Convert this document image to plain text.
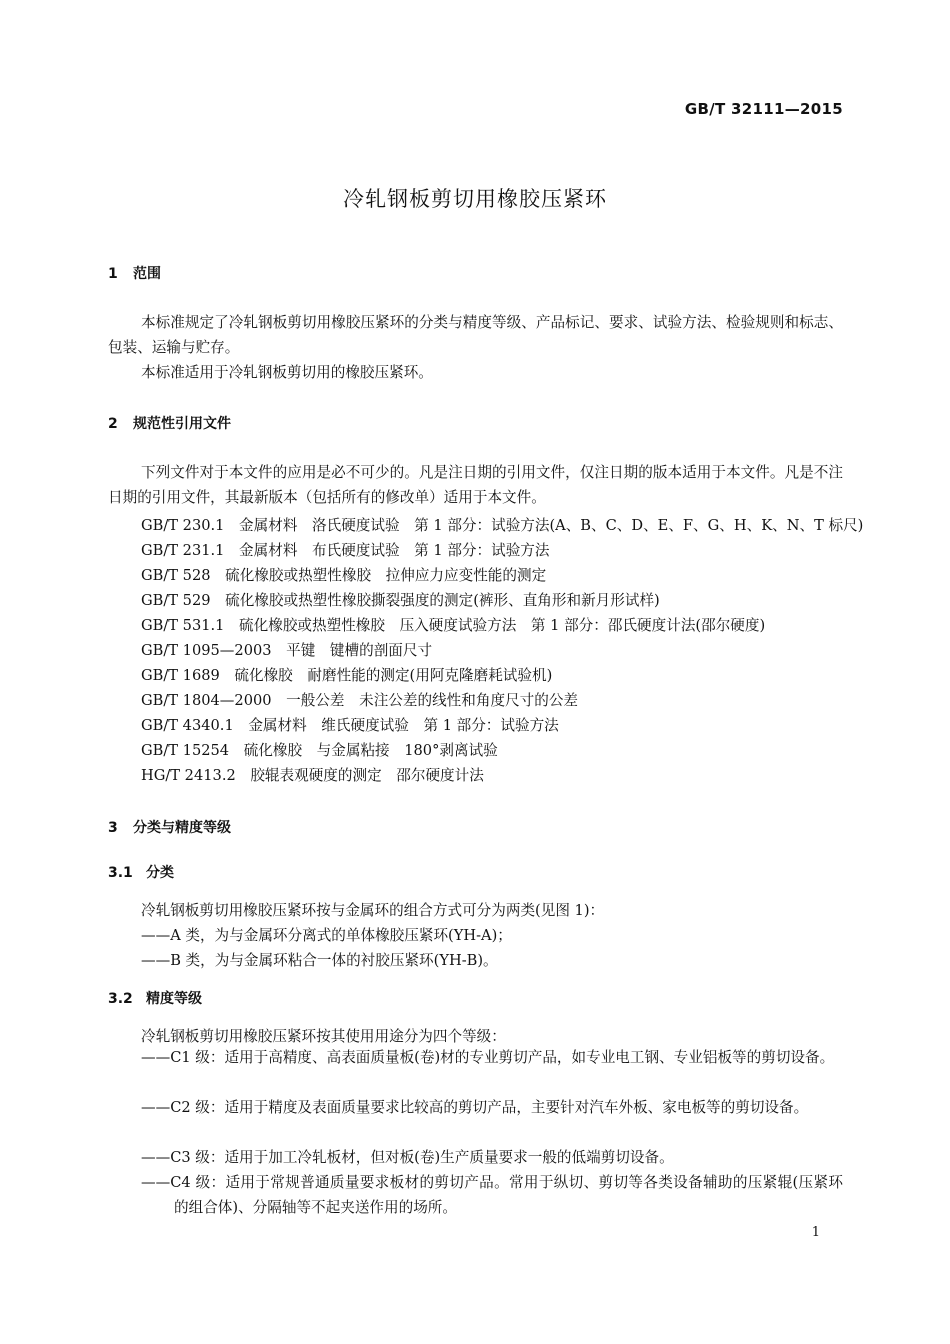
GB/T 32111—2015
冷轧钢板剪切用橡胶压紧环
1 范围
本标准规定了冷轧钢板剪切用橡胶压紧环的分类与精度等级、产品标记、要求、试验方法、检验规则和标志、包装、运输与贮存。
本标准适用于冷轧钢板剪切用的橡胶压紧环。
2 规范性引用文件
下列文件对于本文件的应用是必不可少的。凡是注日期的引用文件，仅注日期的版本适用于本文件。凡是不注日期的引用文件，其最新版本（包括所有的修改单）适用于本文件。
GB/T 230.1　金属材料　洛氏硬度试验　第 1 部分：试验方法(A、B、C、D、E、F、G、H、K、N、T 标尺)
GB/T 231.1　金属材料　布氏硬度试验　第 1 部分：试验方法
GB/T 528　硫化橡胶或热塑性橡胶　拉伸应力应变性能的测定
GB/T 529　硫化橡胶或热塑性橡胶撕裂强度的测定(裤形、直角形和新月形试样)
GB/T 531.1　硫化橡胶或热塑性橡胶　压入硬度试验方法　第 1 部分：邵氏硬度计法(邵尔硬度)
GB/T 1095—2003　平键　键槽的剖面尺寸
GB/T 1689　硫化橡胶　耐磨性能的测定(用阿克隆磨耗试验机)
GB/T 1804—2000　一般公差　未注公差的线性和角度尺寸的公差
GB/T 4340.1　金属材料　维氏硬度试验　第 1 部分：试验方法
GB/T 15254　硫化橡胶　与金属粘接　180°剥离试验
HG/T 2413.2　胶辊表观硬度的测定　邵尔硬度计法
3 分类与精度等级
3.1 分类
冷轧钢板剪切用橡胶压紧环按与金属环的组合方式可分为两类(见图 1)：
——A 类，为与金属环分离式的单体橡胶压紧环(YH-A)；
——B 类，为与金属环粘合一体的衬胶压紧环(YH-B)。
3.2 精度等级
冷轧钢板剪切用橡胶压紧环按其使用用途分为四个等级：
——C1 级：适用于高精度、高表面质量板(卷)材的专业剪切产品，如专业电工钢、专业铝板等的剪切设备。
——C2 级：适用于精度及表面质量要求比较高的剪切产品，主要针对汽车外板、家电板等的剪切设备。
——C3 级：适用于加工冷轧板材，但对板(卷)生产质量要求一般的低端剪切设备。
——C4 级：适用于常规普通质量要求板材的剪切产品。常用于纵切、剪切等各类设备辅助的压紧辊(压紧环的组合体)、分隔轴等不起夹送作用的场所。
1
